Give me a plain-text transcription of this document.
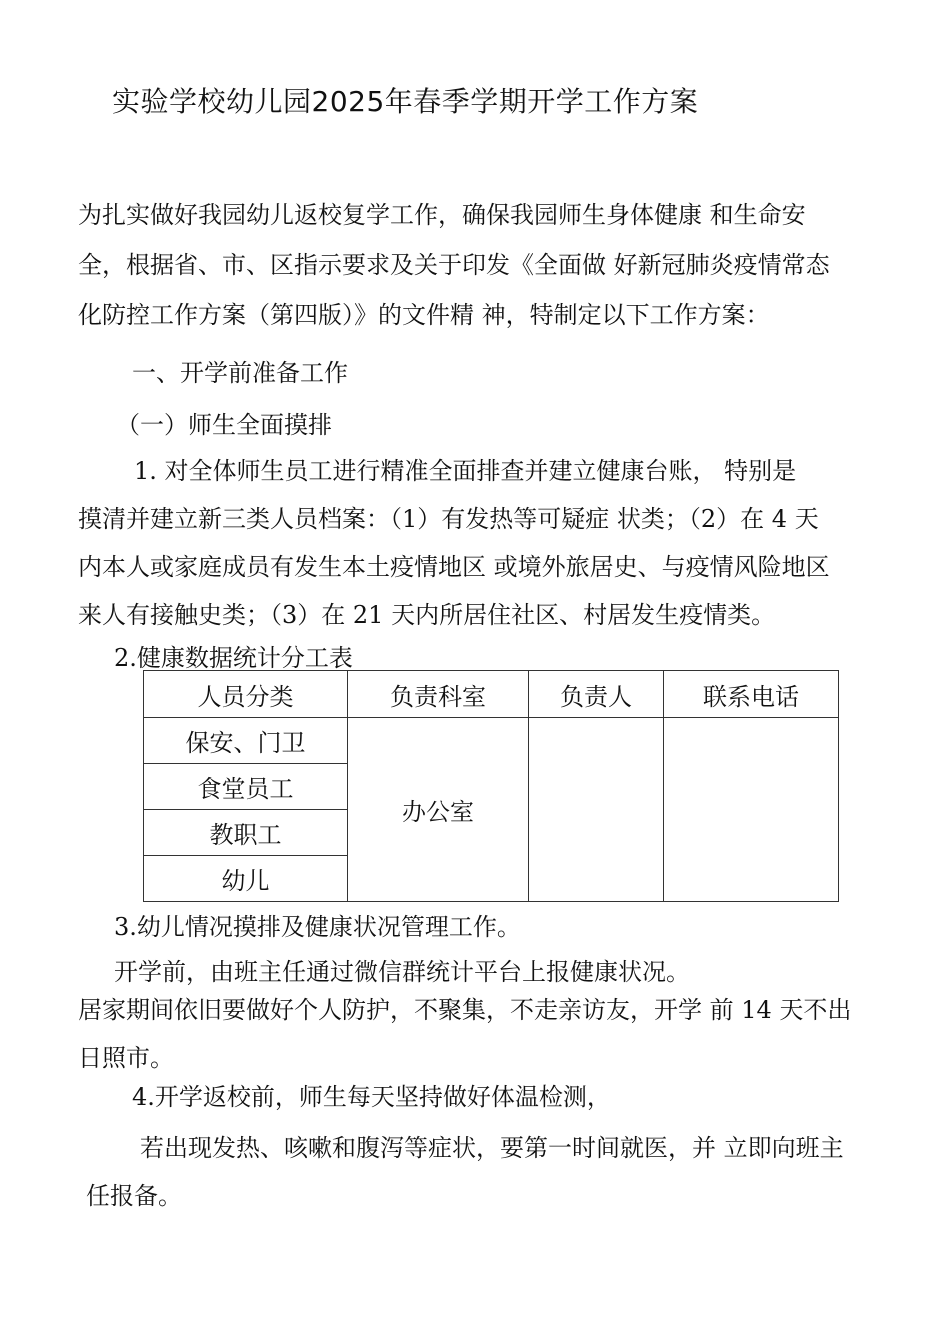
实验学校幼儿园2025年春季学期开学工作方案
为扎实做好我园幼儿返校复学工作，确保我园师生身体健康 和生命安
全，根据省、市、区指示要求及关于印发《全面做 好新冠肺炎疫情常态
化防控工作方案（第四版）》的文件精 神，特制定以下工作方案：
一、开学前准备工作
（一）师生全面摸排
1. 对全体师生员工进行精准全面排查并建立健康台账， 特别是
摸清并建立新三类人员档案：（1）有发热等可疑症 状类；（2）在 4 天
内本人或家庭成员有发生本土疫情地区 或境外旅居史、与疫情风险地区
来人有接触史类；（3）在 21 天内所居住社区、村居发生疫情类。
2.健康数据统计分工表
人员分类	负责科室	负责人	联系电话
保安、门卫	办公室		
食堂员工			
教职工			
幼儿			
3.幼儿情况摸排及健康状况管理工作。
开学前，由班主任通过微信群统计平台上报健康状况。
居家期间依旧要做好个人防护，不聚集，不走亲访友，开学 前 14 天不出
日照市。
4.开学返校前，师生每天坚持做好体温检测，
若出现发热、咳嗽和腹泻等症状，要第一时间就医，并 立即向班主
任报备。
